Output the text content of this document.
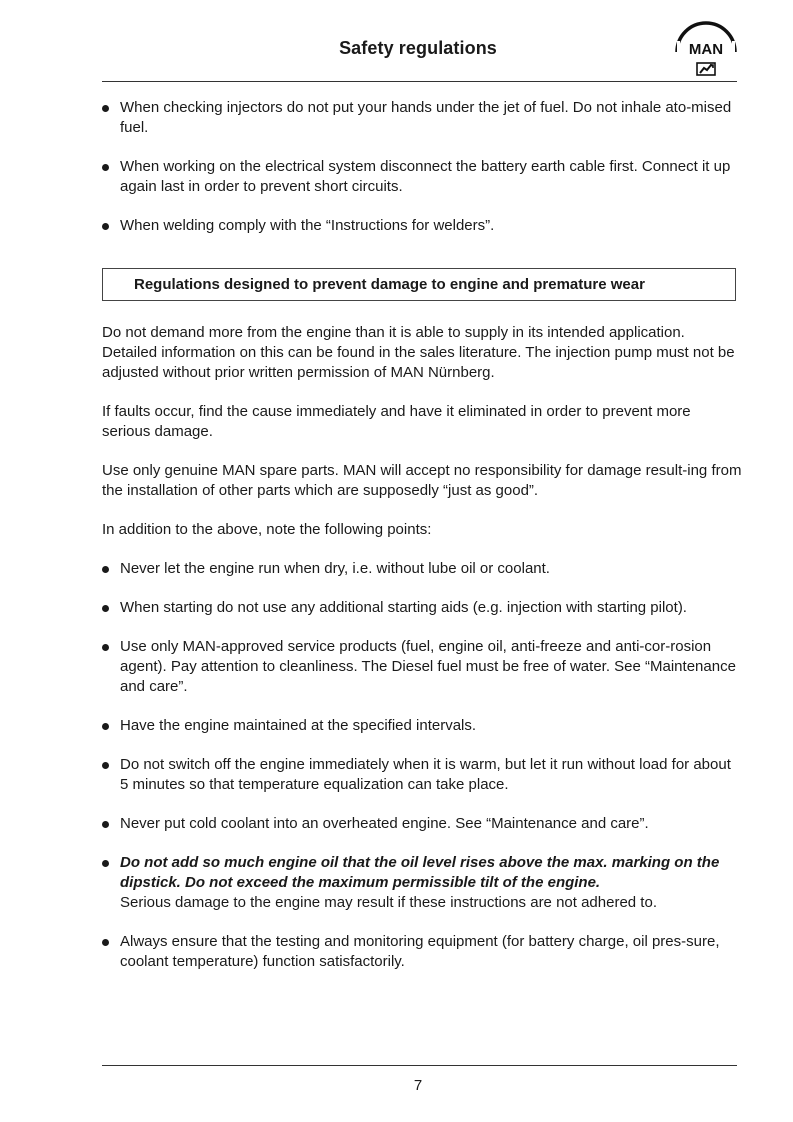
Safety regulations	MAN
When checking injectors do not put your hands under the jet of fuel. Do not inhale ato-mised fuel.
When working on the electrical system disconnect the battery earth cable first. Connect it up again last in order to prevent short circuits.
When welding comply with the “Instructions for welders”.
Regulations designed to prevent damage to engine and premature wear
Do not demand more from the engine than it is able to supply in its intended application. Detailed information on this can be found in the sales literature. The injection pump must not be adjusted without prior written permission of MAN Nürnberg.
If faults occur, find the cause immediately and have it eliminated in order to prevent more serious damage.
Use only genuine MAN spare parts. MAN will accept no responsibility for damage result-ing from the installation of other parts which are supposedly “just as good”.
In addition to the above, note the following points:
Never let the engine run when dry, i.e. without lube oil or coolant.
When starting do not use any additional starting aids (e.g. injection with starting pilot).
Use only MAN-approved service products (fuel, engine oil, anti-freeze and anti-cor-rosion agent). Pay attention to cleanliness. The Diesel fuel must be free of water. See “Maintenance and care”.
Have the engine maintained at the specified intervals.
Do not switch off the engine immediately when it is warm, but let it run without load for about 5 minutes so that temperature equalization can take place.
Never put cold coolant into an overheated engine. See “Maintenance and care”.
Do not add so much engine oil that the oil level rises above the max. marking on the dipstick. Do not exceed the maximum permissible tilt of the engine.
Serious damage to the engine may result if these instructions are not adhered to.
Always ensure that the testing and monitoring equipment (for battery charge, oil pres-sure, coolant temperature) function satisfactorily.
7
